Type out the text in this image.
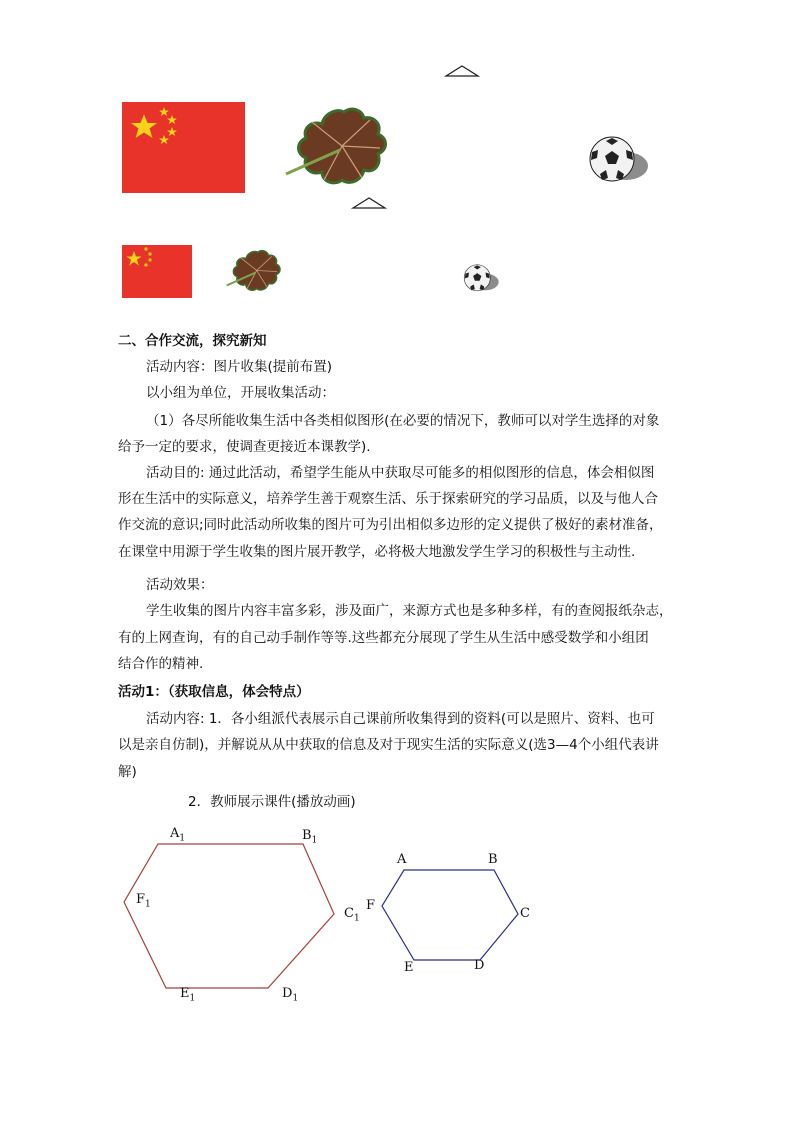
二、合作交流，探究新知
活动内容：图片收集(提前布置)
以小组为单位，开展收集活动：
（1）各尽所能收集生活中各类相似图形(在必要的情况下，教师可以对学生选择的对象
给予一定的要求，使调查更接近本课教学).
活动目的: 通过此活动，希望学生能从中获取尽可能多的相似图形的信息，体会相似图
形在生活中的实际意义，培养学生善于观察生活、乐于探索研究的学习品质，以及与他人合
作交流的意识;同时此活动所收集的图片可为引出相似多边形的定义提供了极好的素材准备，
在课堂中用源于学生收集的图片展开教学，必将极大地激发学生学习的积极性与主动性.
活动效果：
学生收集的图片内容丰富多彩，涉及面广，来源方式也是多种多样，有的查阅报纸杂志，
有的上网查询，有的自己动手制作等等.这些都充分展现了学生从生活中感受数学和小组团
结合作的精神.
活动1：（获取信息，体会特点）
活动内容: 1．各小组派代表展示自己课前所收集得到的资料(可以是照片、资料、也可
以是亲自仿制)，并解说从从中获取的信息及对于现实生活的实际意义(选3—4个小组代表讲
解)
2．教师展示课件(播放动画)
$A_1$	$B_1$
$C_1$
$D_1$
$E_1$
$F_1$
A	B
C
D
E
F
